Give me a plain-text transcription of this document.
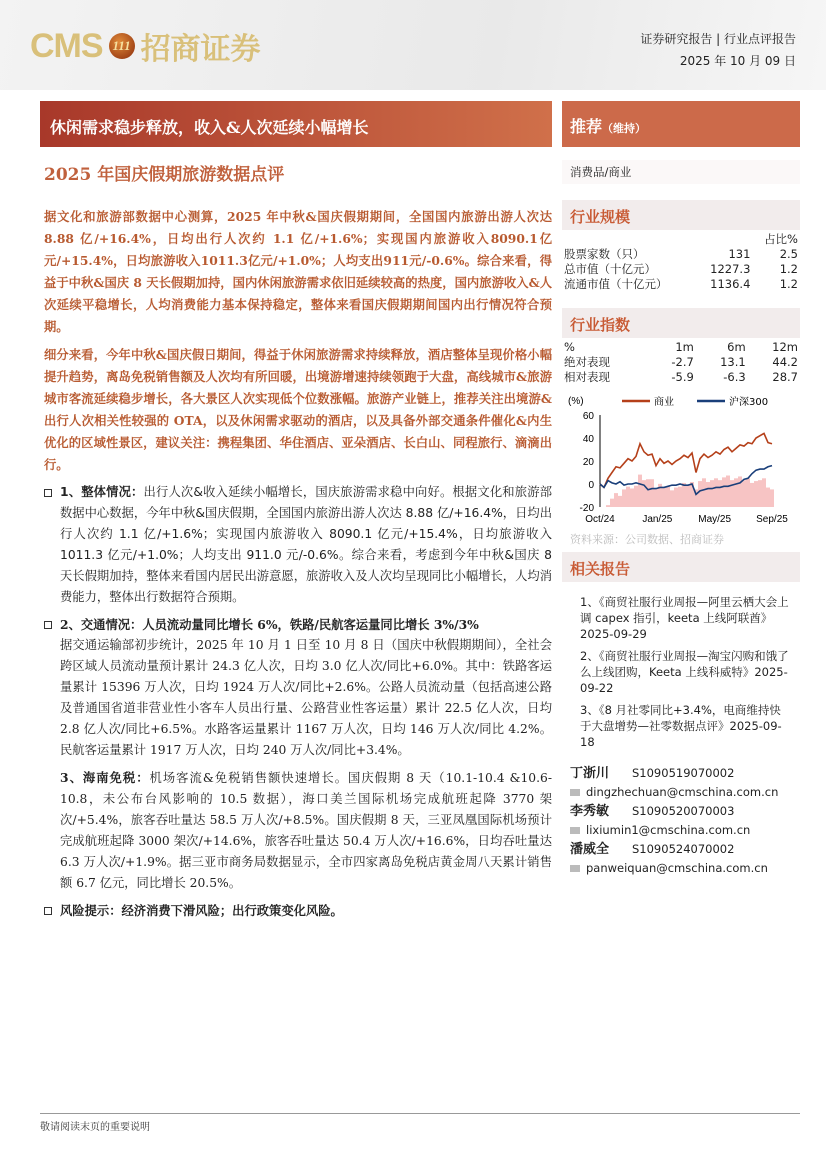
CMS 111 招商证券	证券研究报告 | 行业点评报告
2025 年 10 月 09 日
休闲需求稳步释放，收入&人次延续小幅增长	推荐（维持）
2025 年国庆假期旅游数据点评
据文化和旅游部数据中心测算，2025 年中秋&国庆假期期间，全国国内旅游出游人次达 8.88 亿/+16.4%，日均出行人次约 1.1 亿/+1.6%；实现国内旅游收入8090.1亿元/+15.4%，日均旅游收入1011.3亿元/+1.0%；人均支出911元/-0.6%。综合来看，得益于中秋&国庆 8 天长假期加持，国内休闲旅游需求依旧延续较高的热度，国内旅游收入&人次延续平稳增长，人均消费能力基本保持稳定，整体来看国庆假期期间国内出行情况符合预期。
细分来看，今年中秋&国庆假日期间，得益于休闲旅游需求持续释放，酒店整体呈现价格小幅提升趋势，离岛免税销售额及人次均有所回暖，出境游增速持续领跑于大盘，高线城市&旅游城市客流延续稳步增长，各大景区人次实现低个位数涨幅。旅游产业链上，推荐关注出境游&出行人次相关性较强的 OTA，以及休闲需求驱动的酒店，以及具备外部交通条件催化&内生优化的区域性景区，建议关注：携程集团、华住酒店、亚朵酒店、长白山、同程旅行、滴滴出行。
1、整体情况：出行人次&收入延续小幅增长，国庆旅游需求稳中向好。根据文化和旅游部数据中心数据，今年中秋&国庆假期，全国国内旅游出游人次达 8.88 亿/+16.4%，日均出行人次约 1.1 亿/+1.6%；实现国内旅游收入 8090.1 亿元/+15.4%，日均旅游收入 1011.3 亿元/+1.0%；人均支出 911.0 元/-0.6%。综合来看，考虑到今年中秋&国庆 8 天长假期加持，整体来看国内居民出游意愿，旅游收入及人次均呈现同比小幅增长，人均消费能力，整体出行数据符合预期。
2、交通情况：人员流动量同比增长 6%，铁路/民航客运量同比增长 3%/3%
据交通运输部初步统计，2025 年 10 月 1 日至 10 月 8 日（国庆中秋假期期间），全社会跨区域人员流动量预计累计 24.3 亿人次，日均 3.0 亿人次/同比+6.0%。其中：铁路客运量累计 15396 万人次，日均 1924 万人次/同比+2.6%。公路人员流动量（包括高速公路及普通国省道非营业性小客车人员出行量、公路营业性客运量）累计 22.5 亿人次，日均 2.8 亿人次/同比+6.5%。水路客运量累计 1167 万人次，日均 146 万人次/同比 4.2%。民航客运量累计 1917 万人次，日均 240 万人次/同比+3.4%。
3、海南免税：机场客流&免税销售额快速增长。国庆假期 8 天（10.1-10.4 &10.6-10.8，未公布台风影响的 10.5 数据），海口美兰国际机场完成航班起降 3770 架次/+5.4%，旅客吞吐量达 58.5 万人次/+8.5%。国庆假期 8 天，三亚凤凰国际机场预计完成航班起降 3000 架次/+14.6%，旅客吞吐量达 50.4 万人次/+16.6%，日均吞吐量达 6.3 万人次/+1.9%。据三亚市商务局数据显示，全市四家离岛免税店黄金周八天累计销售额 6.7 亿元，同比增长 20.5%。
风险提示：经济消费下滑风险；出行政策变化风险。
消费品/商业
行业规模
		占比%
股票家数（只）	131	2.5
总市值（十亿元）	1227.3	1.2
流通市值（十亿元）	1136.4	1.2
行业指数
%	1m	6m	12m
绝对表现	-2.7	13.1	44.2
相对表现	-5.9	-6.3	28.7
(%)
60
40
20
0
-20
Oct/24	Jan/25	May/25	Sep/25
商业	沪深300
资料来源：公司数据、招商证券
相关报告
1、《商贸社服行业周报—阿里云栖大会上调 capex 指引，keeta 上线阿联酋》2025-09-29
2、《商贸社服行业周报—淘宝闪购和饿了么上线团购，Keeta 上线科威特》2025-09-22
3、《8 月社零同比+3.4%，电商维持快于大盘增势—社零数据点评》2025-09-18
丁浙川 S1090519070002
dingzhechuan@cmschina.com.cn
李秀敏 S1090520070003
lixiumin1@cmschina.com.cn
潘威全 S1090524070002
panweiquan@cmschina.com.cn
敬请阅读末页的重要说明
